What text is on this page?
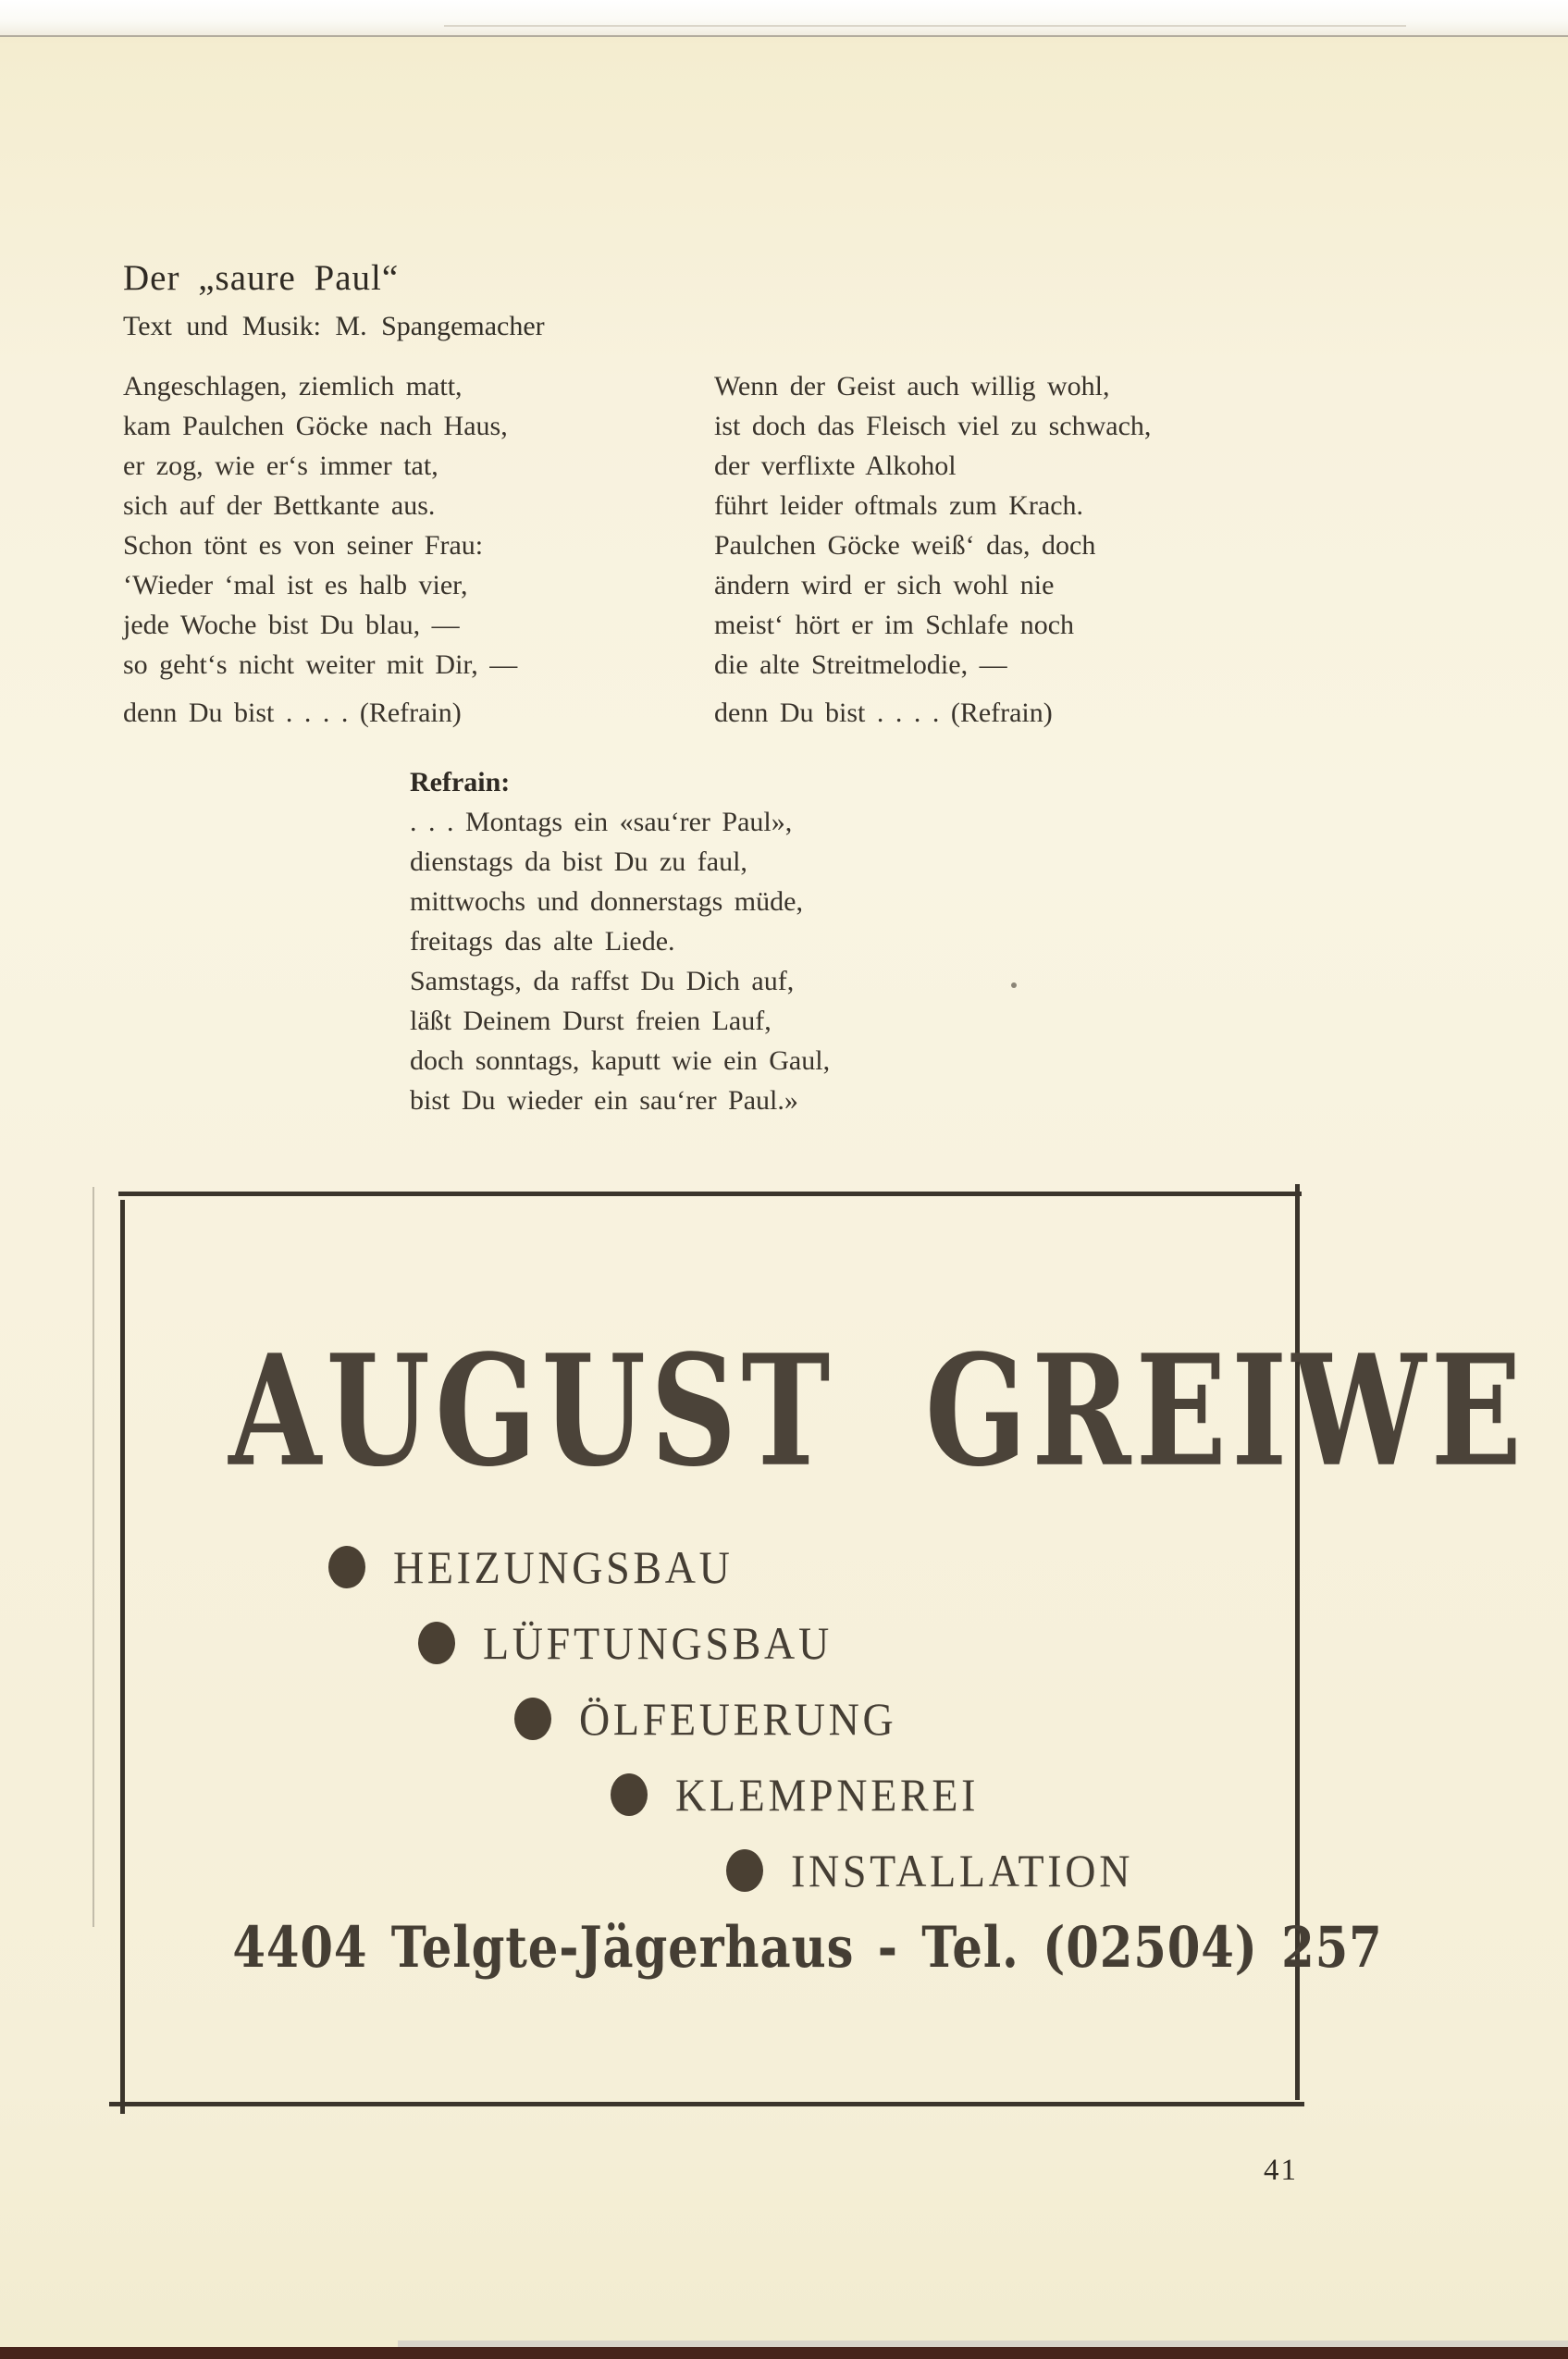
Der „saure Paul“
Text und Musik: M. Spangemacher
Angeschlagen, ziemlich matt,
kam Paulchen Göcke nach Haus,
er zog, wie er‘s immer tat,
sich auf der Bettkante aus.
Schon tönt es von seiner Frau:
‘Wieder ‘mal ist es halb vier,
jede Woche bist Du blau, —
so geht‘s nicht weiter mit Dir, —
denn Du bist . . . . (Refrain)
Wenn der Geist auch willig wohl,
ist doch das Fleisch viel zu schwach,
der verflixte Alkohol
führt leider oftmals zum Krach.
Paulchen Göcke weiß‘ das, doch
ändern wird er sich wohl nie
meist‘ hört er im Schlafe noch
die alte Streitmelodie, —
denn Du bist . . . . (Refrain)
Refrain:
. . . Montags ein «sau‘rer Paul»,
dienstags da bist Du zu faul,
mittwochs und donnerstags müde,
freitags das alte Liede.
Samstags, da raffst Du Dich auf,
läßt Deinem Durst freien Lauf,
doch sonntags, kaputt wie ein Gaul,
bist Du wieder ein sau‘rer Paul.»
AUGUST GREIWE
HEIZUNGSBAU
LÜFTUNGSBAU
ÖLFEUERUNG
KLEMPNEREI
INSTALLATION
4404 Telgte-Jägerhaus - Tel. (02504) 257
41
